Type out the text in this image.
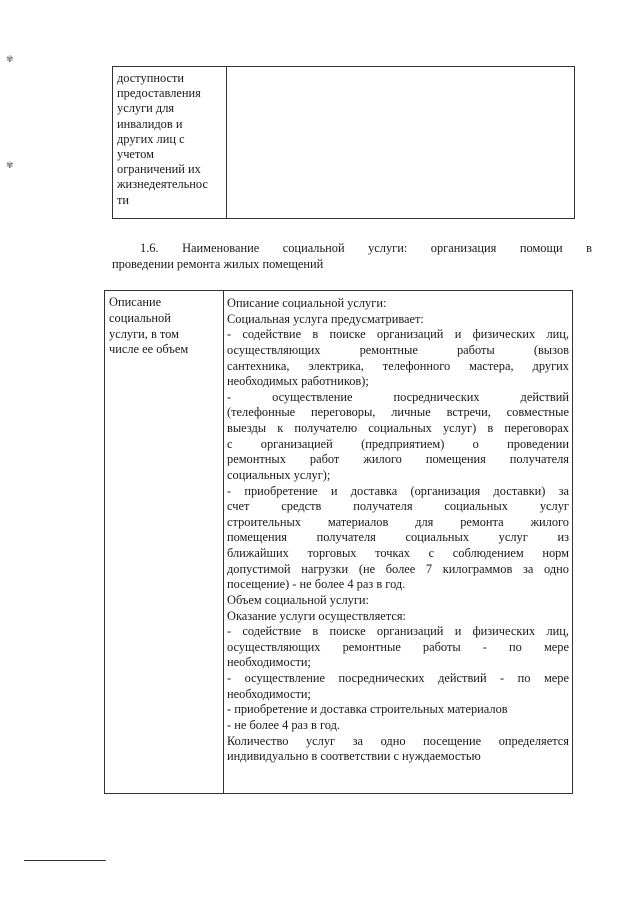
✾
✾
доступности
предоставления
услуги для
инвалидов и
других лиц с
учетом
ограничений их
жизнедеятельнос
ти
1.6. Наименование социальной услуги: организация помощи в
проведении ремонта жилых помещений
Описание
социальной
услуги, в том
числе ее объем
Описание социальной услуги:
Социальная услуга предусматривает:
- содействие в поиске организаций и физических лиц,
осуществляющих ремонтные работы (вызов
сантехника, электрика, телефонного мастера, других
необходимых работников);
- осуществление посреднических действий
(телефонные переговоры, личные встречи, совместные
выезды к получателю социальных услуг) в переговорах
с организацией (предприятием) о проведении
ремонтных работ жилого помещения получателя
социальных услуг);
- приобретение и доставка (организация доставки) за
счет средств получателя социальных услуг
строительных материалов для ремонта жилого
помещения получателя социальных услуг из
ближайших торговых точках с соблюдением норм
допустимой нагрузки (не более 7 килограммов за одно
посещение) - не более 4 раз в год.
Объем социальной услуги:
Оказание услуги осуществляется:
- содействие в поиске организаций и физических лиц,
осуществляющих ремонтные работы - по мере
необходимости;
- осуществление посреднических действий - по мере
необходимости;
- приобретение и доставка строительных материалов
- не более 4 раз в год.
Количество услуг за одно посещение определяется
индивидуально в соответствии с нуждаемостью
